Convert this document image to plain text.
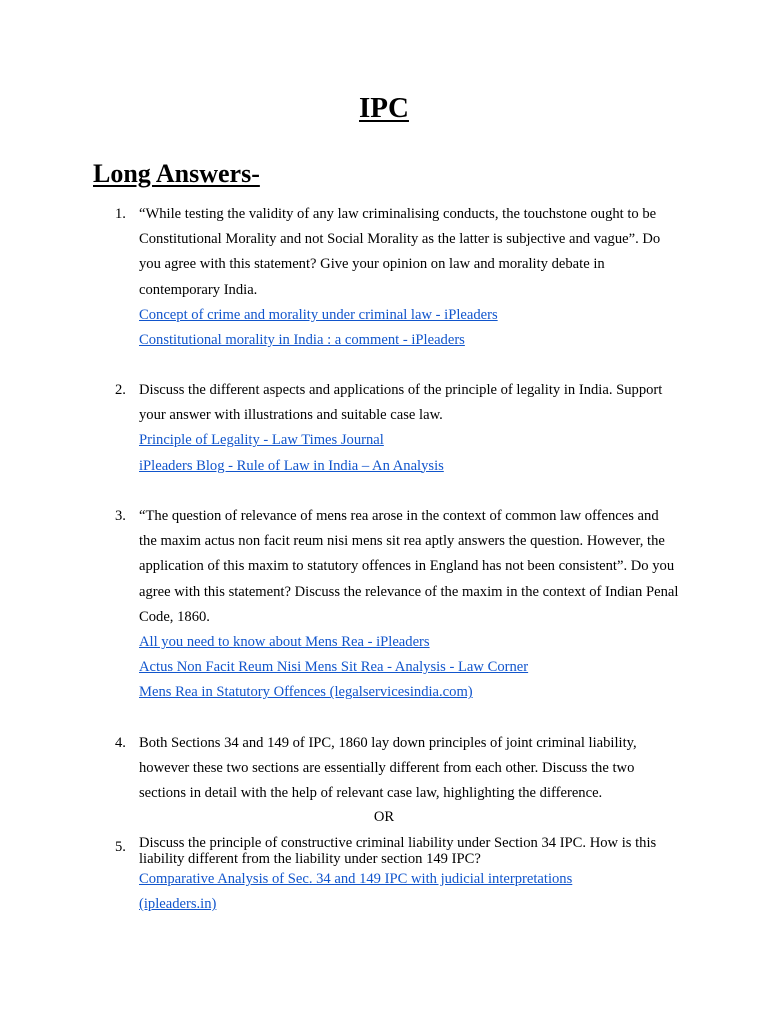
IPC
Long Answers-
1. “While testing the validity of any law criminalising conducts, the touchstone ought to be Constitutional Morality and not Social Morality as the latter is subjective and vague”. Do you agree with this statement? Give your opinion on law and morality debate in contemporary India.
Concept of crime and morality under criminal law - iPleaders
Constitutional morality in India : a comment - iPleaders
2. Discuss the different aspects and applications of the principle of legality in India. Support your answer with illustrations and suitable case law.
Principle of Legality - Law Times Journal
iPleaders Blog - Rule of Law in India – An Analysis
3. “The question of relevance of mens rea arose in the context of common law offences and the maxim actus non facit reum nisi mens sit rea aptly answers the question. However, the application of this maxim to statutory offences in England has not been consistent”. Do you agree with this statement? Discuss the relevance of the maxim in the context of Indian Penal Code, 1860.
All you need to know about Mens Rea - iPleaders
Actus Non Facit Reum Nisi Mens Sit Rea - Analysis - Law Corner
Mens Rea in Statutory Offences (legalservicesindia.com)
4. Both Sections 34 and 149 of IPC, 1860 lay down principles of joint criminal liability, however these two sections are essentially different from each other. Discuss the two sections in detail with the help of relevant case law, highlighting the difference.
OR
5. Discuss the principle of constructive criminal liability under Section 34 IPC. How is this liability different from the liability under section 149 IPC?
Comparative Analysis of Sec. 34 and 149 IPC with judicial interpretations
(ipleaders.in)
